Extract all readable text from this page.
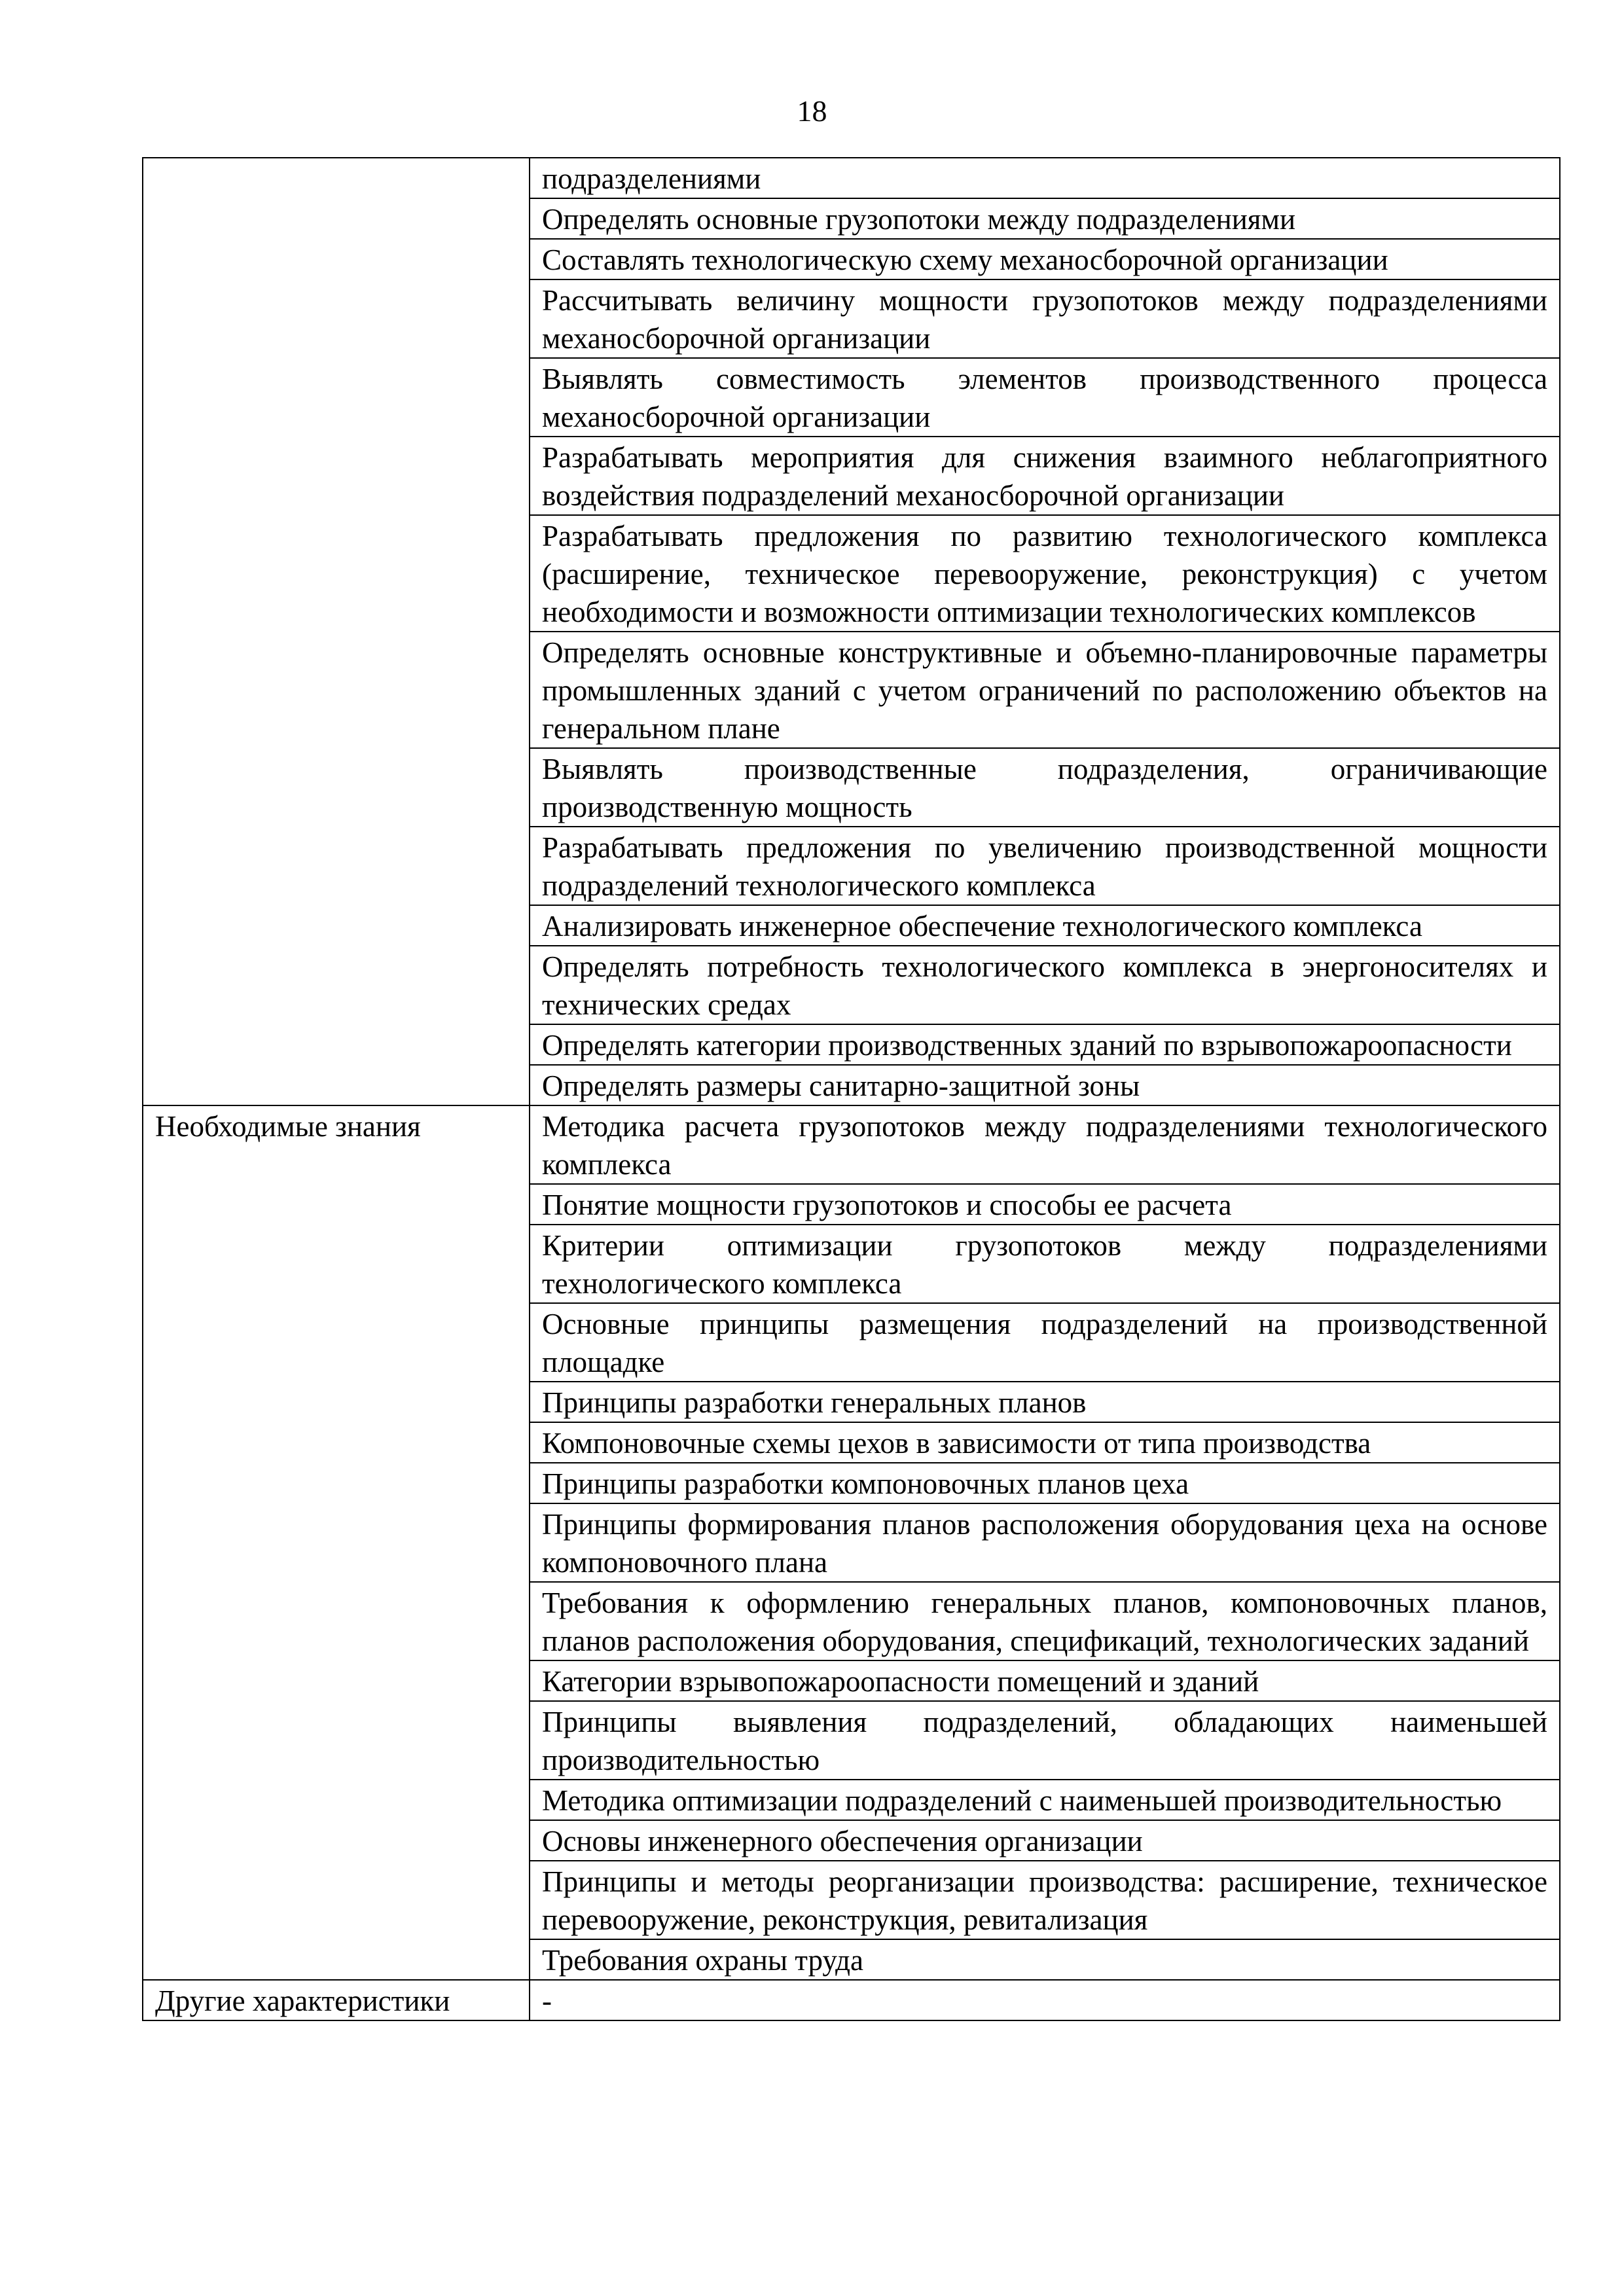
18
	подразделениями
	Определять основные грузопотоки между подразделениями
	Составлять технологическую схему механосборочной организации
	Рассчитывать величину мощности грузопотоков между подразделениями механосборочной организации
	Выявлять совместимость элементов производственного процесса механосборочной организации
	Разрабатывать мероприятия для снижения взаимного неблагоприятного воздействия подразделений механосборочной организации
	Разрабатывать предложения по развитию технологического комплекса (расширение, техническое перевооружение, реконструкция) с учетом необходимости и возможности оптимизации технологических комплексов
	Определять основные конструктивные и объемно-планировочные параметры промышленных зданий с учетом ограничений по расположению объектов на генеральном плане
	Выявлять производственные подразделения, ограничивающие производственную мощность
	Разрабатывать предложения по увеличению производственной мощности подразделений технологического комплекса
	Анализировать инженерное обеспечение технологического комплекса
	Определять потребность технологического комплекса в энергоносителях и технических средах
	Определять категории производственных зданий по взрывопожароопасности
	Определять размеры санитарно-защитной зоны
Необходимые знания	Методика расчета грузопотоков между подразделениями технологического комплекса
	Понятие мощности грузопотоков и способы ее расчета
	Критерии оптимизации грузопотоков между подразделениями технологического комплекса
	Основные принципы размещения подразделений на производственной площадке
	Принципы разработки генеральных планов
	Компоновочные схемы цехов в зависимости от типа производства
	Принципы разработки компоновочных планов цеха
	Принципы формирования планов расположения оборудования цеха на основе компоновочного плана
	Требования к оформлению генеральных планов, компоновочных планов, планов расположения оборудования, спецификаций, технологических заданий
	Категории взрывопожароопасности помещений и зданий
	Принципы выявления подразделений, обладающих наименьшей производительностью
	Методика оптимизации подразделений с наименьшей производительностью
	Основы инженерного обеспечения организации
	Принципы и методы реорганизации производства: расширение, техническое перевооружение, реконструкция, ревитализация
	Требования охраны труда
Другие характеристики	-
